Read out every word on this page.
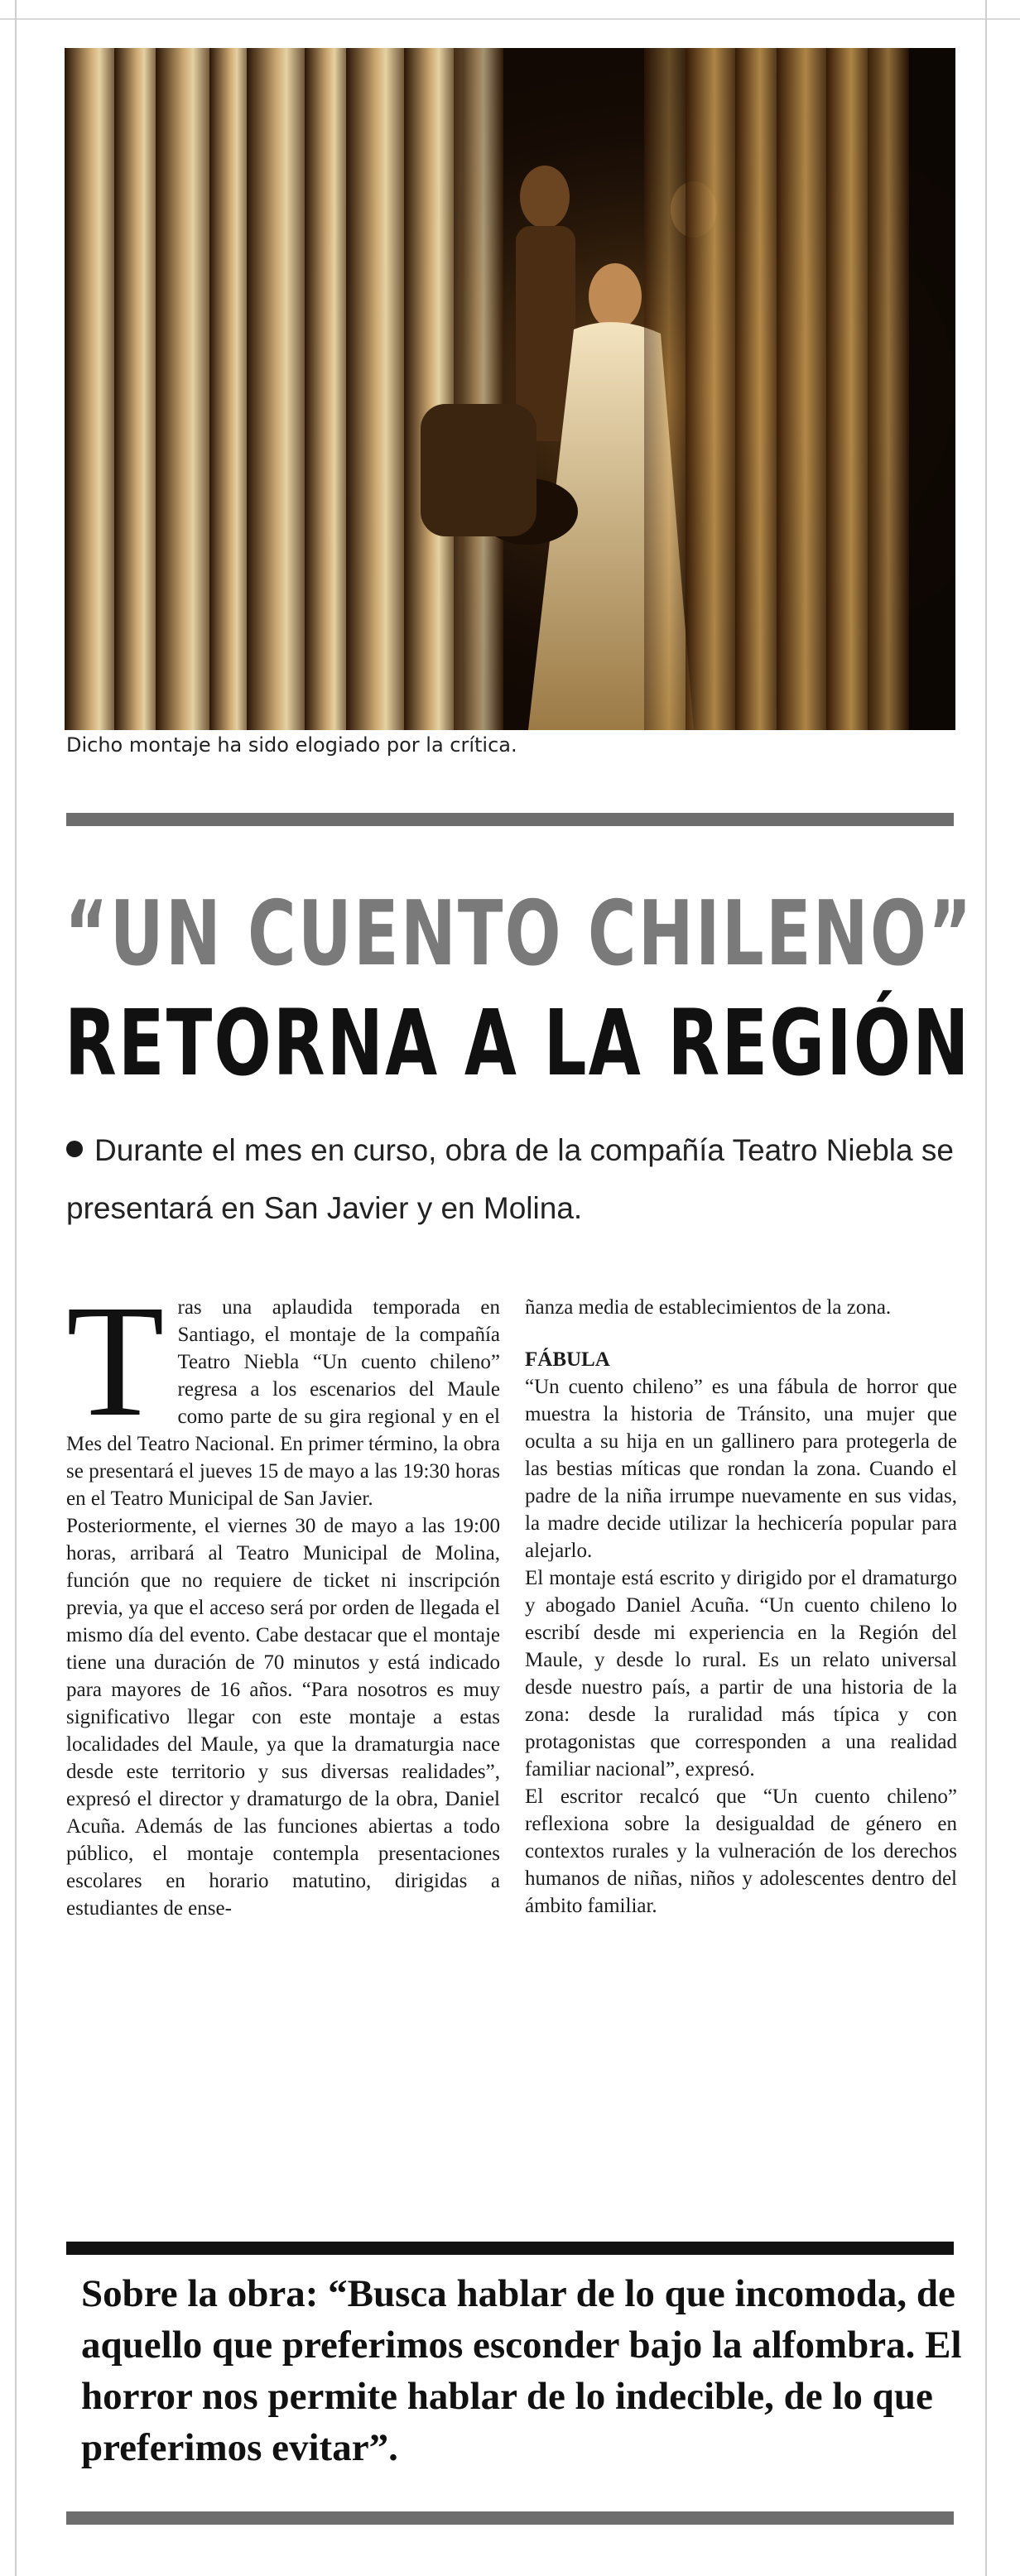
Dicho montaje ha sido elogiado por la crítica.
“UN CUENTO CHILENO”
RETORNA A LA REGIÓN
Durante el mes en curso, obra de la compañía Teatro Niebla se presentará en San Javier y en Molina.

Tras una aplaudida temporada en Santiago, el montaje de la compañía Teatro Niebla “Un cuento chileno” regresa a los escenarios del Maule como parte de su gira regional y en el Mes del Teatro Nacional. En primer término, la obra se presentará el jueves 15 de mayo a las 19:30 horas en el Teatro Municipal de San Javier.

Posteriormente, el viernes 30 de mayo a las 19:00 horas, arribará al Teatro Municipal de Molina, función que no requiere de ticket ni inscripción previa, ya que el acceso será por orden de llegada el mismo día del evento. Cabe destacar que el montaje tiene una duración de 70 minutos y está indicado para mayores de 16 años. “Para nosotros es muy significativo llegar con este montaje a estas localidades del Maule, ya que la dramaturgia nace desde este territorio y sus diversas realidades”, expresó el director y dramaturgo de la obra, Daniel Acuña. Además de las funciones abiertas a todo público, el montaje contempla presentaciones escolares en horario matutino, dirigidas a estudiantes de ense-

ñanza media de establecimientos de la zona.

FÁBULA

“Un cuento chileno” es una fábula de horror que muestra la historia de Tránsito, una mujer que oculta a su hija en un gallinero para protegerla de las bestias míticas que rondan la zona. Cuando el padre de la niña irrumpe nuevamente en sus vidas, la madre decide utilizar la hechicería popular para alejarlo.

El montaje está escrito y dirigido por el dramaturgo y abogado Daniel Acuña. “Un cuento chileno lo escribí desde mi experiencia en la Región del Maule, y desde lo rural. Es un relato universal desde nuestro país, a partir de una historia de la zona: desde la ruralidad más típica y con protagonistas que corresponden a una realidad familiar nacional”, expresó.

El escritor recalcó que “Un cuento chileno” reflexiona sobre la desigualdad de género en contextos rurales y la vulneración de los derechos humanos de niñas, niños y adolescentes dentro del ámbito familiar.

Sobre la obra: “Busca hablar de lo que incomoda, de aquello que preferimos esconder bajo la alfombra. El horror nos permite hablar de lo indecible, de lo que preferimos evitar”.
